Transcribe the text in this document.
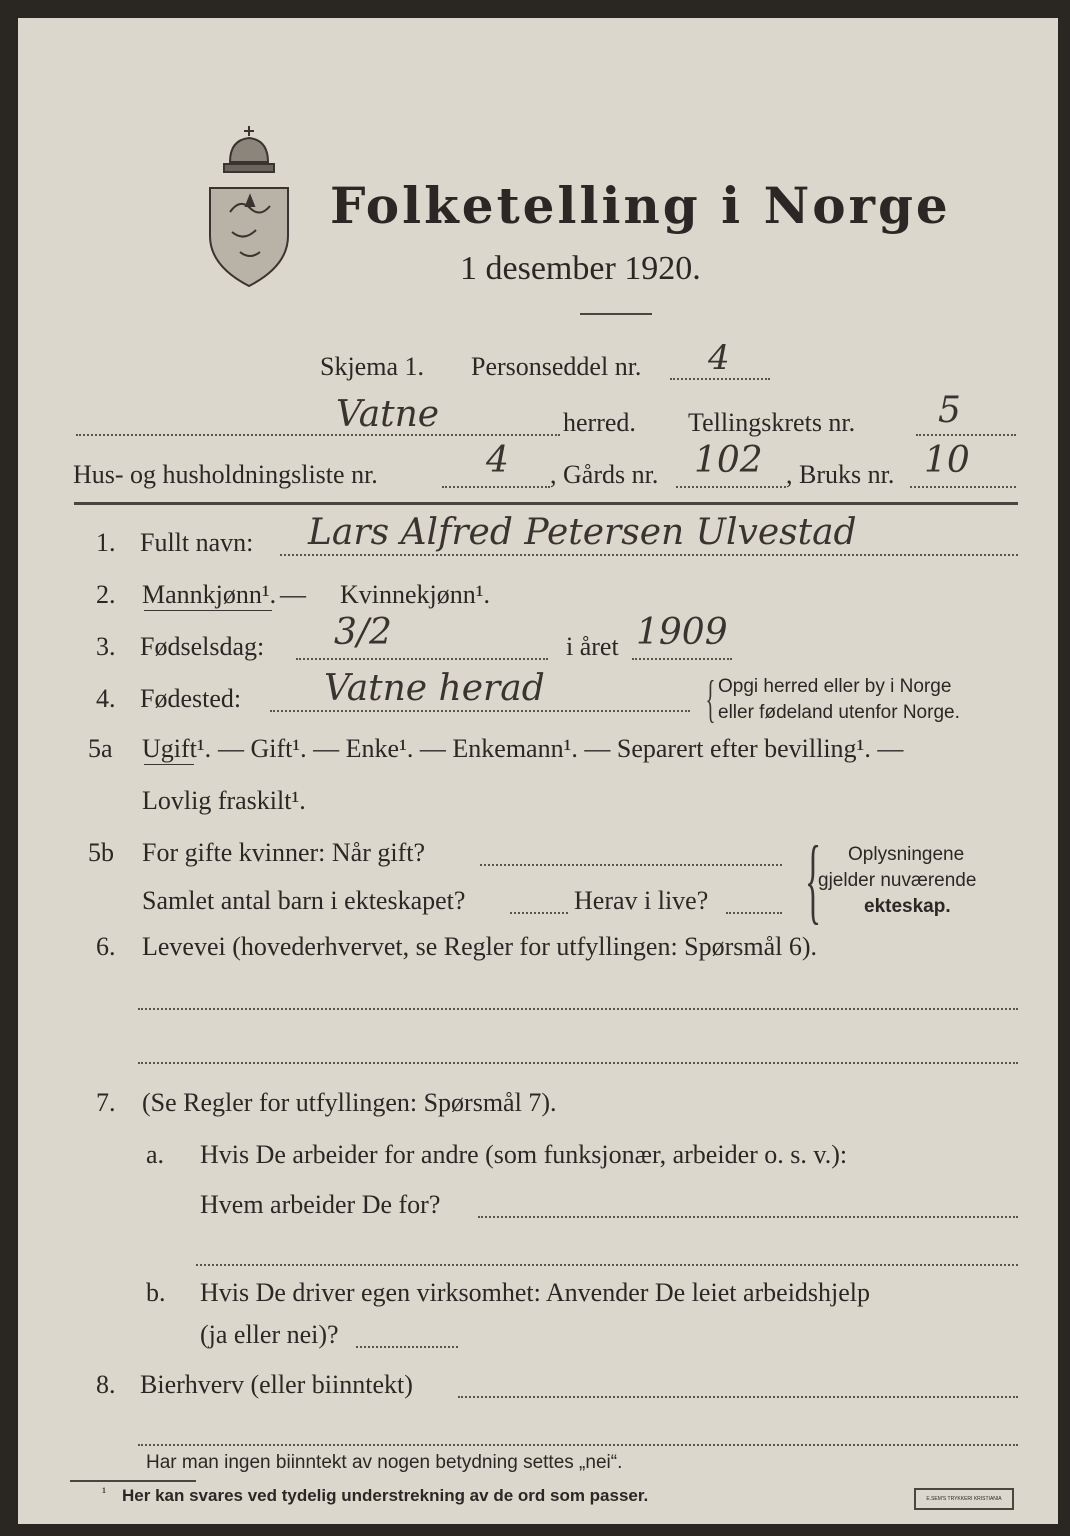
Folketelling i Norge
1 desember 1920.
Skjema 1. Personseddel nr. 4
Vatne	herred. Tellingskrets nr. 5
Hus- og husholdningsliste nr.	4 , Gårds nr. 102 , Bruks nr. 10
1. Fullt navn: Lars Alfred Petersen Ulvestad
2. Mannkjønn¹. — Kvinnekjønn¹.
3. Fødselsdag: 3/2	i året 1909
4. Fødested: Vatne herad	{ Opgi herred eller by i Norge
eller fødeland utenfor Norge.
5a Ugift¹. — Gift¹. — Enke¹. — Enkemann¹. — Separert efter bevilling¹. —
Lovlig fraskilt¹.
5b For gifte kvinner: Når gift?
Samlet antal barn i ekteskapet?	Herav i live? { Oplysningene
gjelder nuværende
ekteskap.
6. Levevei (hovederhvervet, se Regler for utfyllingen: Spørsmål 6).
7. (Se Regler for utfyllingen: Spørsmål 7).
a. Hvis De arbeider for andre (som funksjonær, arbeider o. s. v.):
Hvem arbeider De for?
b. Hvis De driver egen virksomhet: Anvender De leiet arbeidshjelp
(ja eller nei)?
8. Bierhverv (eller biinntekt)
Har man ingen biinntekt av nogen betydning settes „nei“.
¹ Her kan svares ved tydelig understrekning av de ord som passer.	E.SEM'S TRYKKERI KRISTIANIA
